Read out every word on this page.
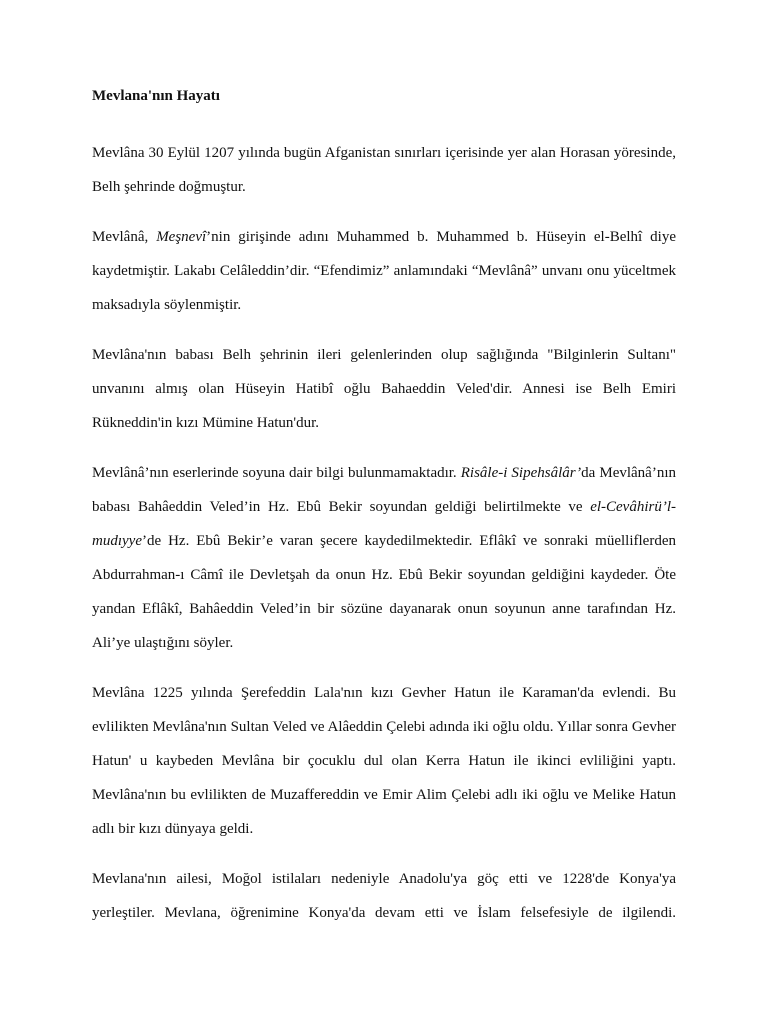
Mevlana'nın Hayatı

Mevlâna 30 Eylül 1207 yılında bugün Afganistan sınırları içerisinde yer alan Horasan yöresinde, Belh şehrinde doğmuştur.

Mevlânâ, Meşnevî’nin girişinde adını Muhammed b. Muhammed b. Hüseyin el-Belhî diye kaydetmiştir. Lakabı Celâleddin’dir. “Efendimiz” anlamındaki “Mevlânâ” unvanı onu yüceltmek maksadıyla söylenmiştir.

Mevlâna'nın babası Belh şehrinin ileri gelenlerinden olup sağlığında "Bilginlerin Sultanı" unvanını almış olan Hüseyin Hatibî oğlu Bahaeddin Veled'dir. Annesi ise Belh Emiri Rükneddin'in kızı Mümine Hatun'dur.

Mevlânâ’nın eserlerinde soyuna dair bilgi bulunmamaktadır. Risâle-i Sipehsâlâr’da Mevlânâ’nın babası Bahâeddin Veled’in Hz. Ebû Bekir soyundan geldiği belirtilmekte ve el-Cevâhirü’l-mudıyye’de Hz. Ebû Bekir’e varan şecere kaydedilmektedir. Eflâkî ve sonraki müelliflerden Abdurrahman-ı Câmî ile Devletşah da onun Hz. Ebû Bekir soyundan geldiğini kaydeder. Öte yandan Eflâkî, Bahâeddin Veled’in bir sözüne dayanarak onun soyunun anne tarafından Hz. Ali’ye ulaştığını söyler.

Mevlâna 1225 yılında Şerefeddin Lala'nın kızı Gevher Hatun ile Karaman'da evlendi. Bu evlilikten Mevlâna'nın Sultan Veled ve Alâeddin Çelebi adında iki oğlu oldu. Yıllar sonra Gevher Hatun' u kaybeden Mevlâna bir çocuklu dul olan Kerra Hatun ile ikinci evliliğini yaptı. Mevlâna'nın bu evlilikten de Muzaffereddin ve Emir Alim Çelebi adlı iki oğlu ve Melike Hatun adlı bir kızı dünyaya geldi.

Mevlana'nın ailesi, Moğol istilaları nedeniyle Anadolu'ya göç etti ve 1228'de Konya'ya yerleştiler. Mevlana, öğrenimine Konya'da devam etti ve İslam felsefesiyle de ilgilendi.
